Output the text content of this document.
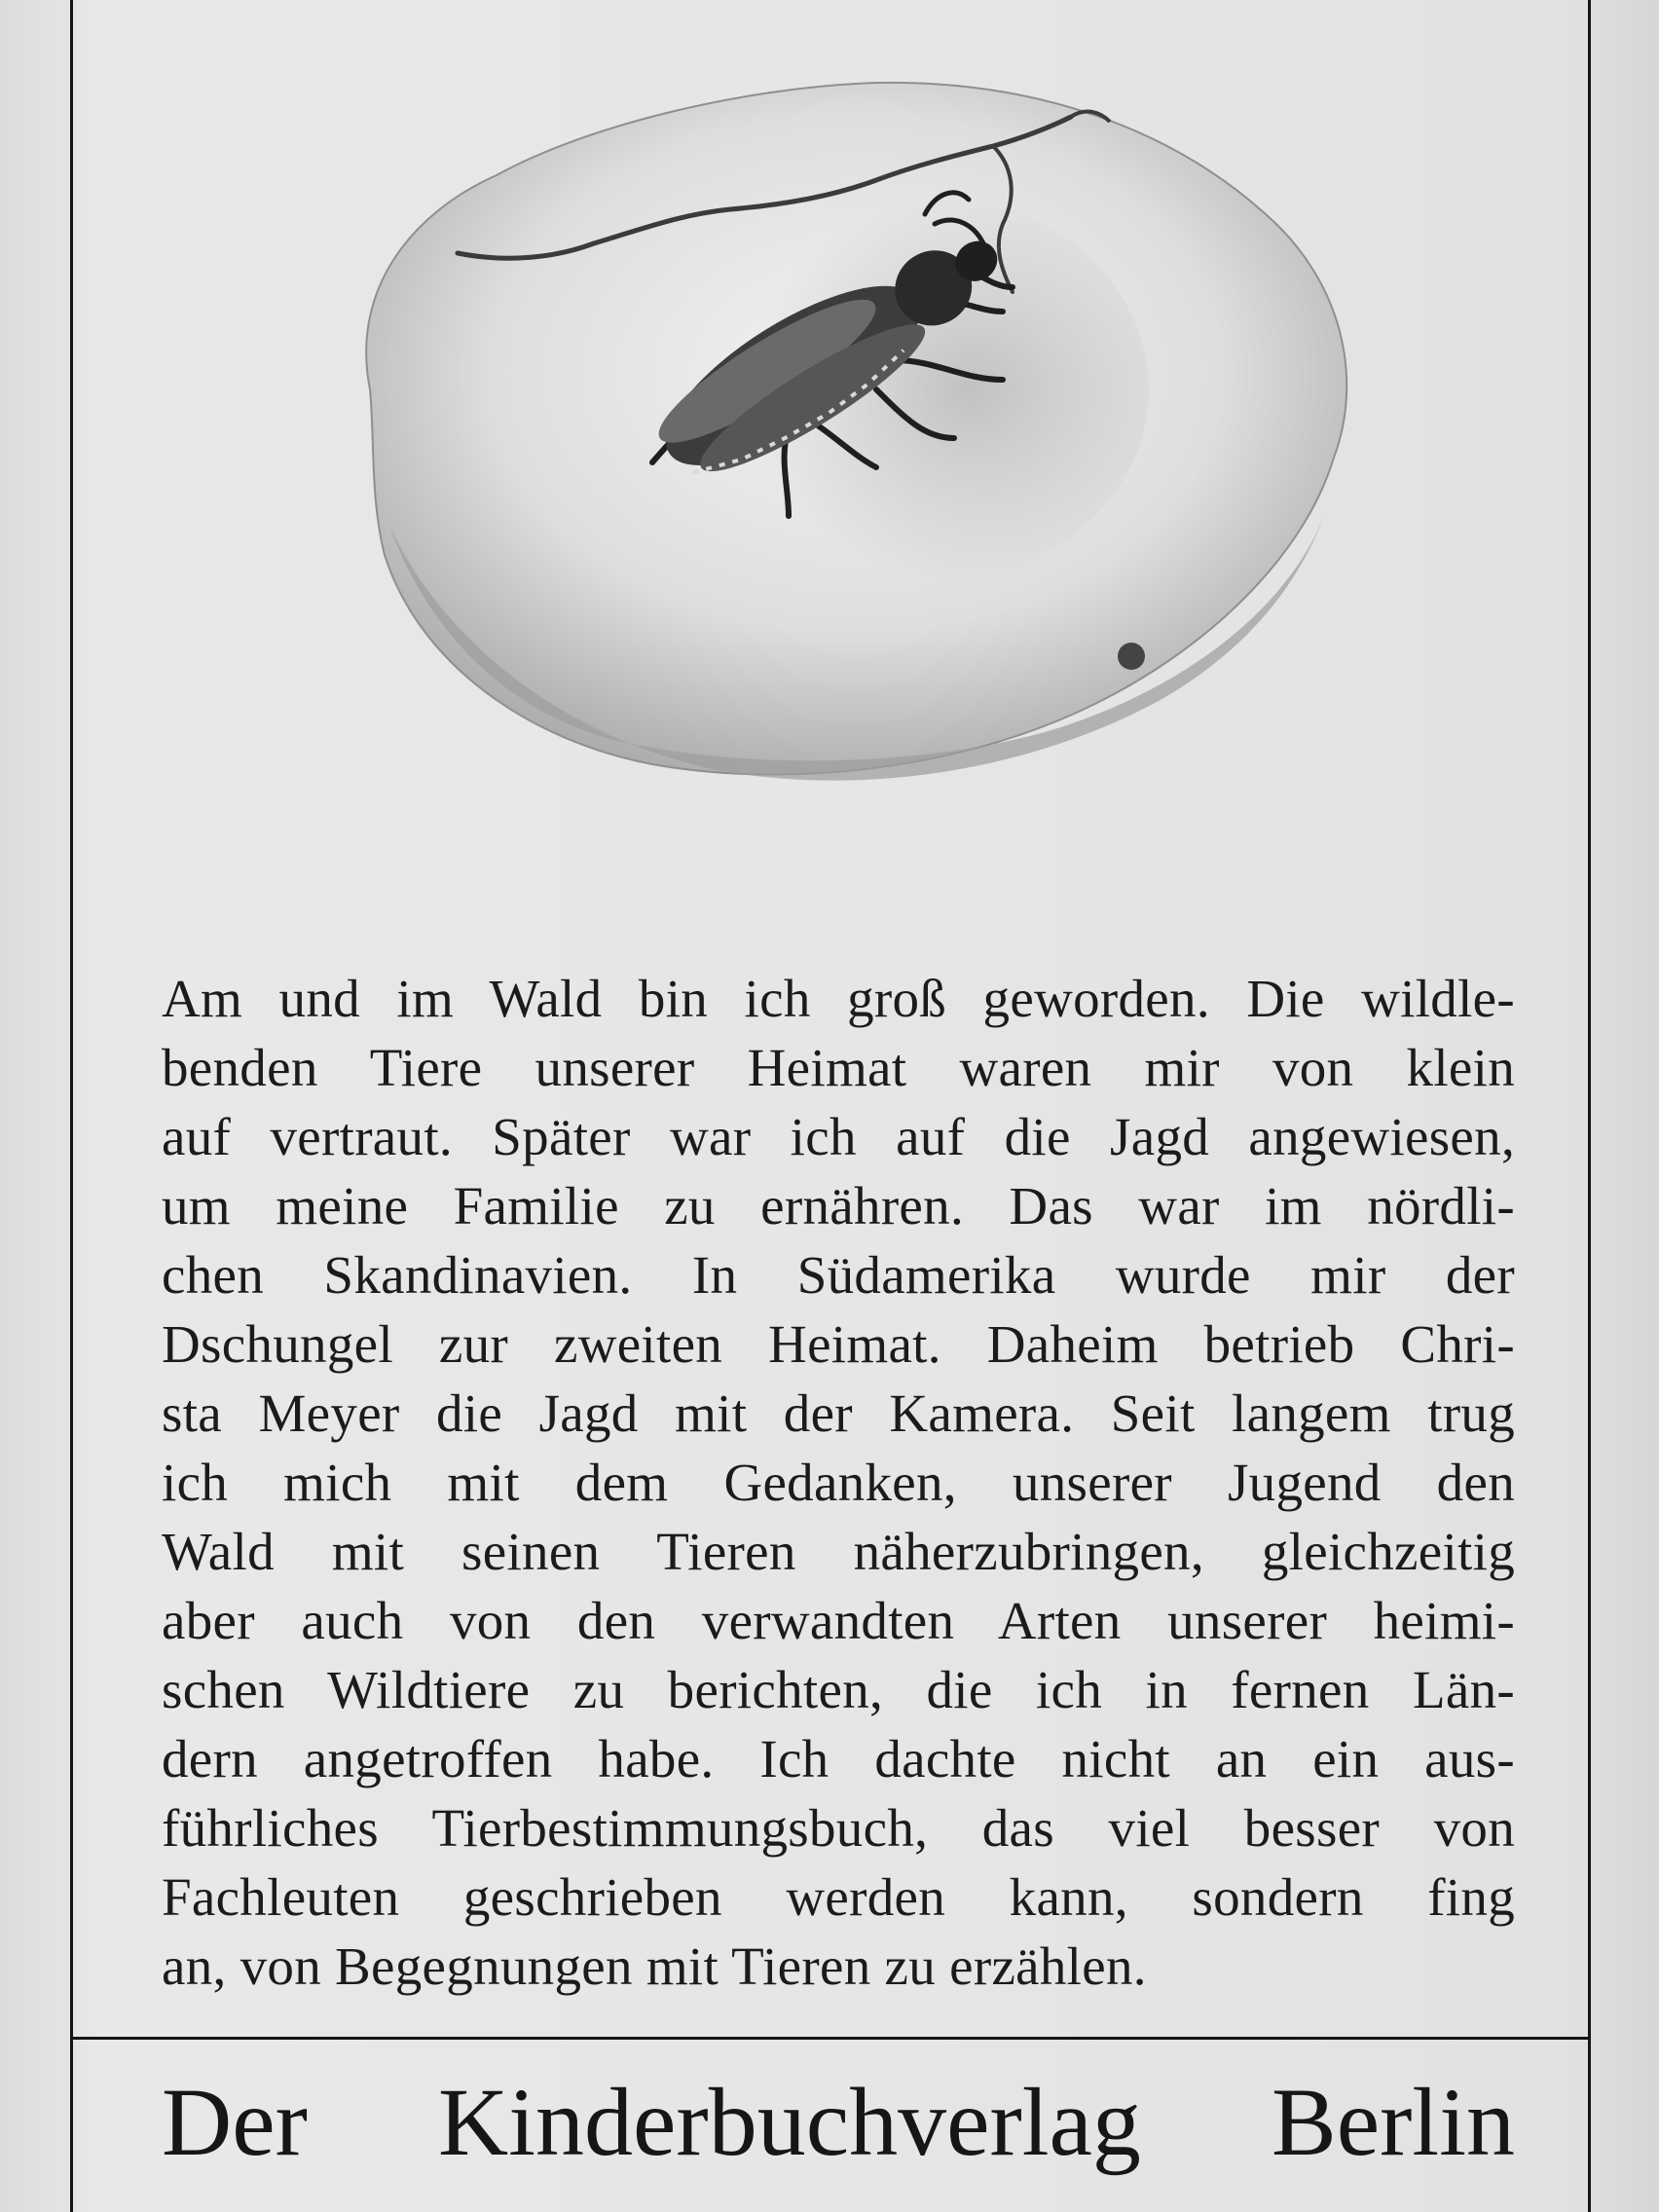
Am und im Wald bin ich groß geworden. Die wildle-
benden Tiere unserer Heimat waren mir von klein
auf vertraut. Später war ich auf die Jagd angewiesen,
um meine Familie zu ernähren. Das war im nördli-
chen Skandinavien. In Südamerika wurde mir der
Dschungel zur zweiten Heimat. Daheim betrieb Chri-
sta Meyer die Jagd mit der Kamera. Seit langem trug
ich mich mit dem Gedanken, unserer Jugend den
Wald mit seinen Tieren näherzubringen, gleichzeitig
aber auch von den verwandten Arten unserer heimi-
schen Wildtiere zu berichten, die ich in fernen Län-
dern angetroffen habe. Ich dachte nicht an ein aus-
führliches Tierbestimmungsbuch, das viel besser von
Fachleuten geschrieben werden kann, sondern fing
an, von Begegnungen mit Tieren zu erzählen.
Der Kinderbuchverlag Berlin
